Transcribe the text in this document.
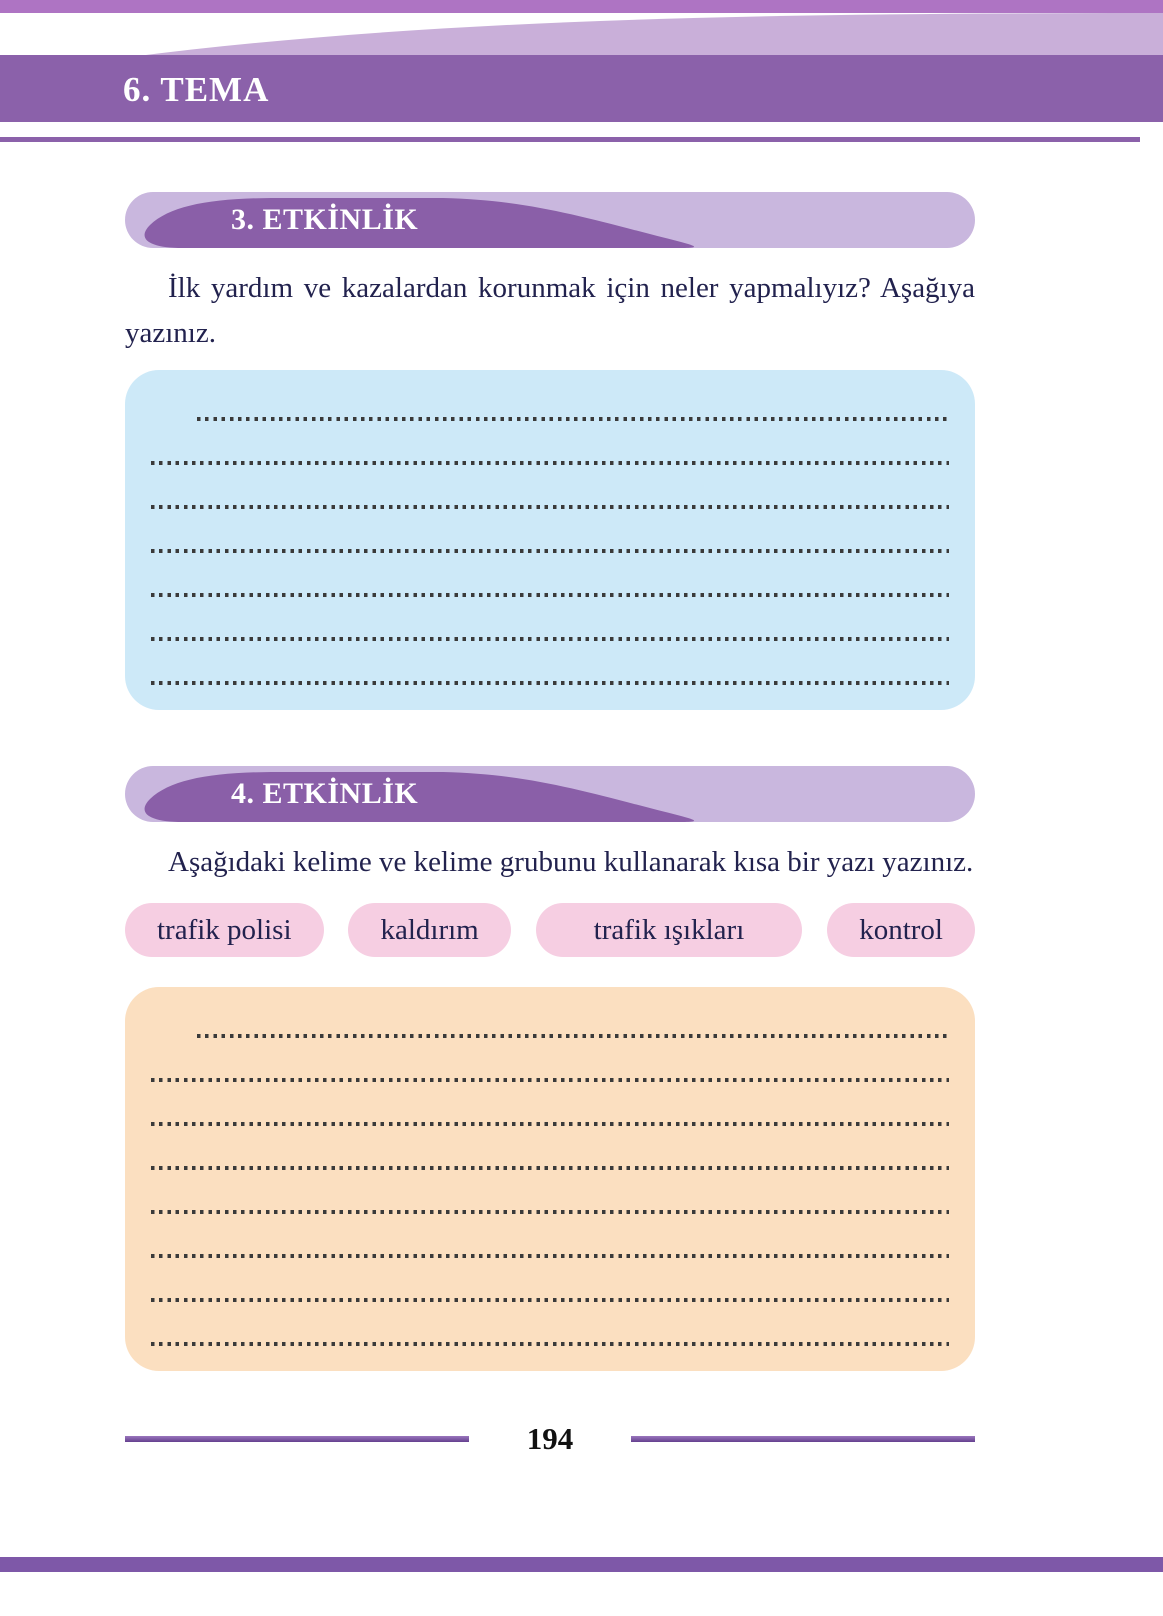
6. TEMA
3. ETKİNLİK

İlk yardım ve kazalardan korunmak için neler yapmalıyız? Aşağıya yazınız.

4. ETKİNLİK

Aşağıdaki kelime ve kelime grubunu kullanarak kısa bir yazı yazınız.

trafik polisi	kaldırım	trafik ışıkları	kontrol
194
